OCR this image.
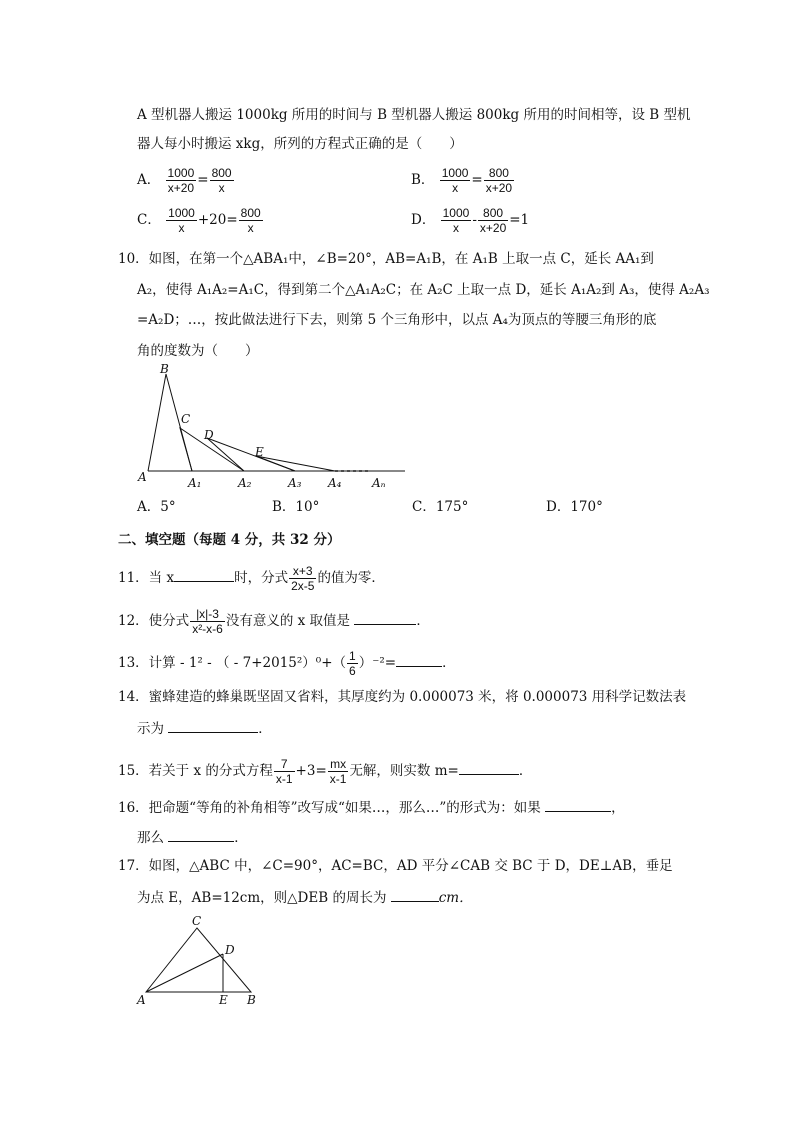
A 型机器人搬运 1000kg 所用的时间与 B 型机器人搬运 800kg 所用的时间相等，设 B 型机
器人每小时搬运 xkg，所列的方程式正确的是（　　）
A． $\frac{1000}{x+20} = \frac{800}{x}$	B． $\frac{1000}{x} = \frac{800}{x+20}$
C． $\frac{1000}{x} +20= \frac{800}{x}$	D． $\frac{1000}{x} - \frac{800}{x+20} =1$
10．如图，在第一个△ABA₁中，∠B=20°，AB=A₁B，在 A₁B 上取一点 C，延长 AA₁到
A₂，使得 A₁A₂=A₁C，得到第二个△A₁A₂C；在 A₂C 上取一点 D，延长 A₁A₂到 A₃，使得 A₂A₃
=A₂D；…，按此做法进行下去，则第 5 个三角形中，以点 A₄为顶点的等腰三角形的底
角的度数为（　　）
B
C
D
E
A	A₁	A₂	A₃ A₄	Aₙ
A．5°	B．10°	C．175°	D．170°
二、填空题（每题 4 分，共 32 分）
11．当 x	时，分式 $\frac{x+3}{2x-5}$ 的值为零．
12．使分式 $\frac{|x|-3}{\text{x²-x-6}}$ 没有意义的 x 取值是	．
13．计算 - 1² - （ - $7+2015^2)^0+( \frac{1}{6} )^{-2}=$	．
14．蜜蜂建造的蜂巢既坚固又省料，其厚度约为 0.000073 米，将 0.000073 用科学记数法表
示为	．
15．若关于 x 的分式方程 $\frac{7}{x-1} +3= \frac{mx}{x-1}$ 无解，则实数 m=	．
16．把命题“等角的补角相等”改写成“如果…，那么…”的形式为：如果	，
那么	．
17．如图，△ABC 中，∠C=90°，AC=BC，AD 平分∠CAB 交 BC 于 D，DE⊥AB，垂足
为点 E，AB=12cm，则△DEB 的周长为	cm．
C
D
A	E B
